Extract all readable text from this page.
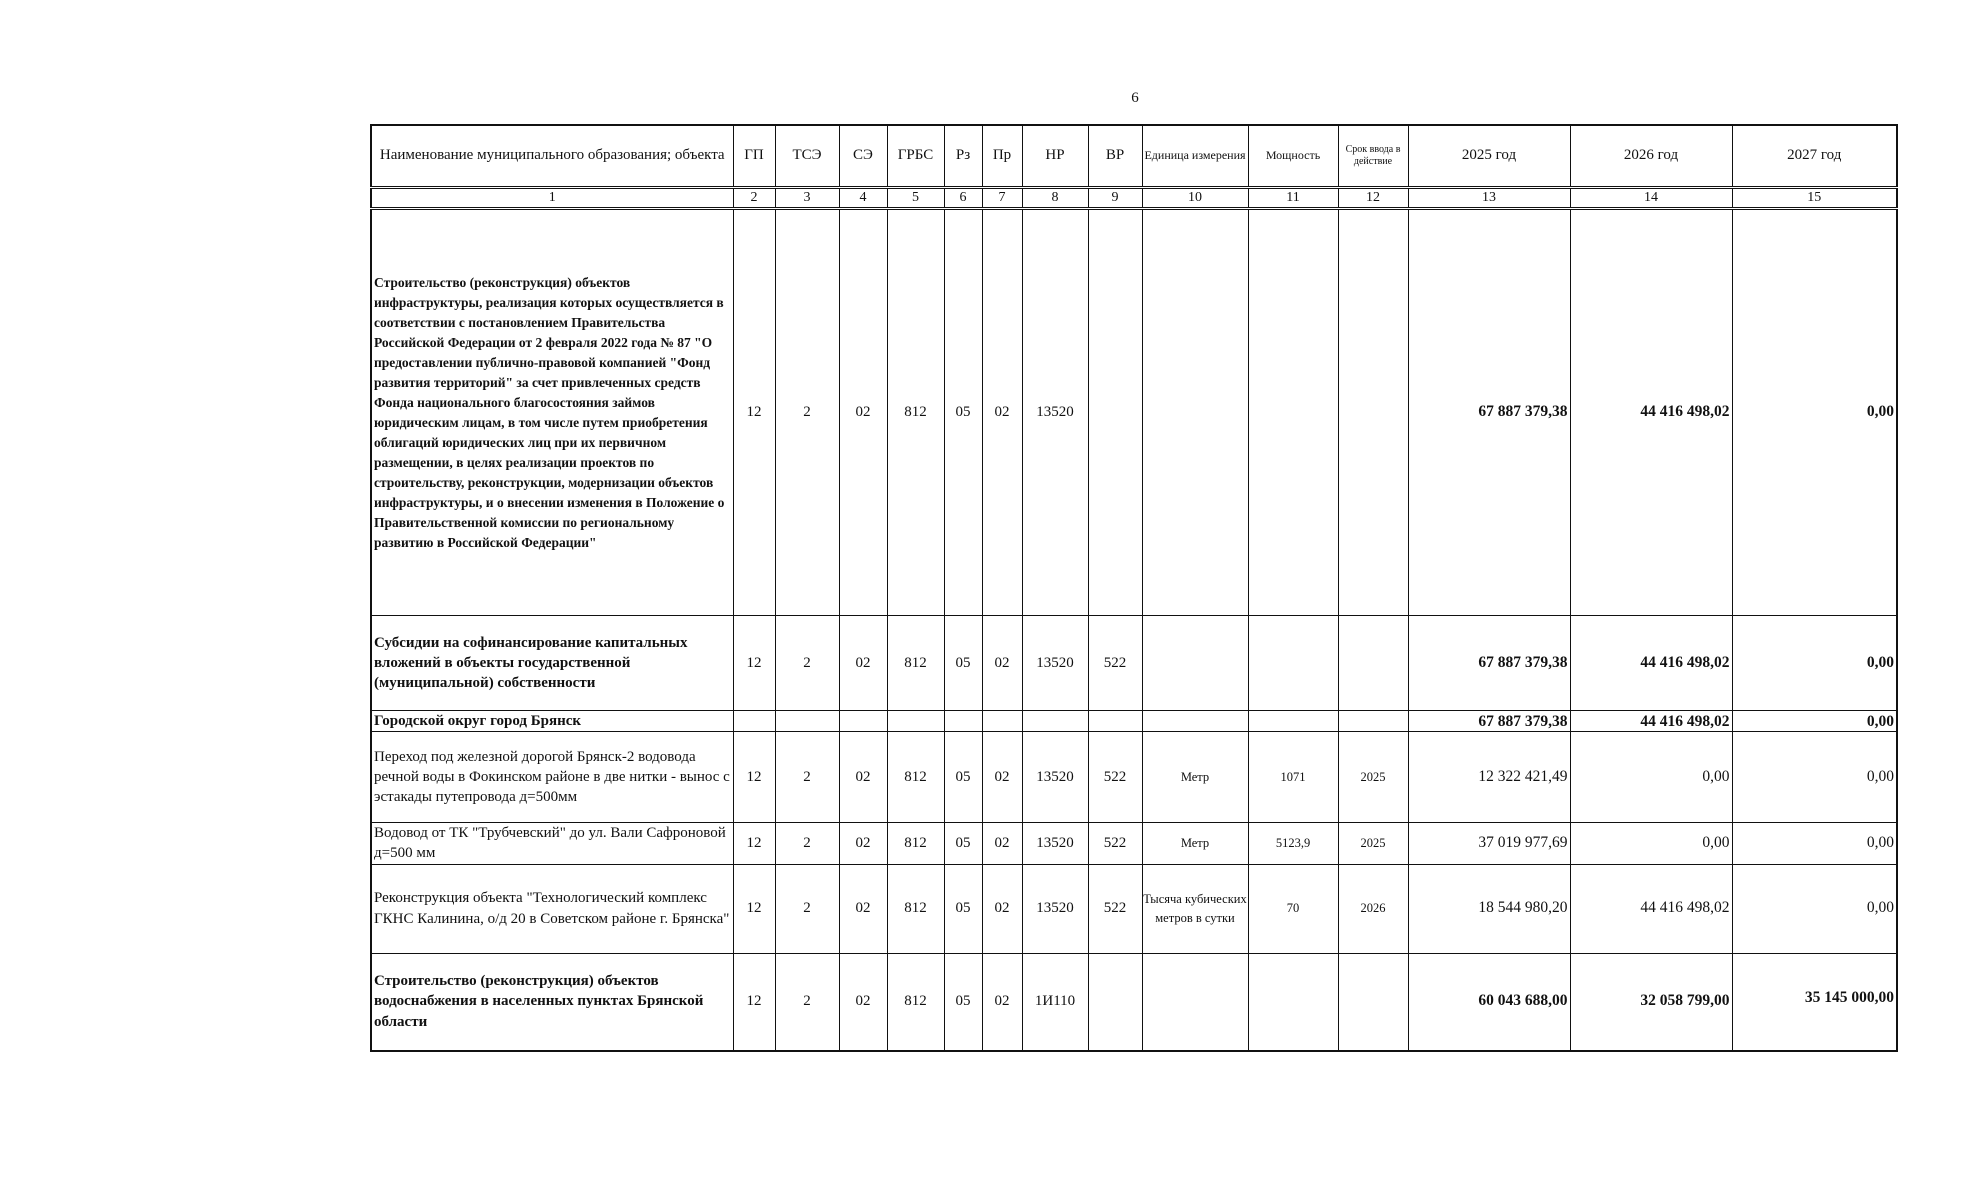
6
Наименование муниципального образования; объекта	ГП	ТСЭ	СЭ	ГРБС	Рз	Пр	НР	ВР	Единица измерения	Мощность	Срок ввода в действие	2025 год	2026 год	2027 год
1	2	3	4	5	6	7	8	9	10	11	12	13	14	15
Строительство (реконструкция) объектов инфраструктуры, реализация которых осуществляется в соответствии с постановлением Правительства Российской Федерации от 2 февраля 2022 года № 87 "О предоставлении публично-правовой компанией "Фонд развития территорий" за счет привлеченных средств Фонда национального благосостояния займов юридическим лицам, в том числе путем приобретения облигаций юридических лиц при их первичном размещении, в целях реализации проектов по строительству, реконструкции, модернизации объектов инфраструктуры, и о внесении изменения в Положение о Правительственной комиссии по региональному развитию в Российской Федерации"	12	2	02	812	05	02	13520					67 887 379,38	44 416 498,02	0,00
Субсидии на софинансирование капитальных вложений в объекты государственной (муниципальной) собственности	12	2	02	812	05	02	13520	522				67 887 379,38	44 416 498,02	0,00
Городской округ город Брянск												67 887 379,38	44 416 498,02	0,00
Переход под железной дорогой Брянск-2 водовода речной воды в Фокинском районе в две нитки - вынос с эстакады путепровода д=500мм	12	2	02	812	05	02	13520	522	Метр	1071	2025	12 322 421,49	0,00	0,00
Водовод от ТК "Трубчевский" до ул. Вали Сафроновой д=500 мм	12	2	02	812	05	02	13520	522	Метр	5123,9	2025	37 019 977,69	0,00	0,00
Реконструкция объекта "Технологический комплекс ГКНС Калинина, о/д 20 в Советском районе г. Брянска"	12	2	02	812	05	02	13520	522	Тысяча кубических метров в сутки	70	2026	18 544 980,20	44 416 498,02	0,00
Строительство (реконструкция) объектов водоснабжения в населенных пунктах Брянской области	12	2	02	812	05	02	1И110					60 043 688,00	32 058 799,00	35 145 000,00
